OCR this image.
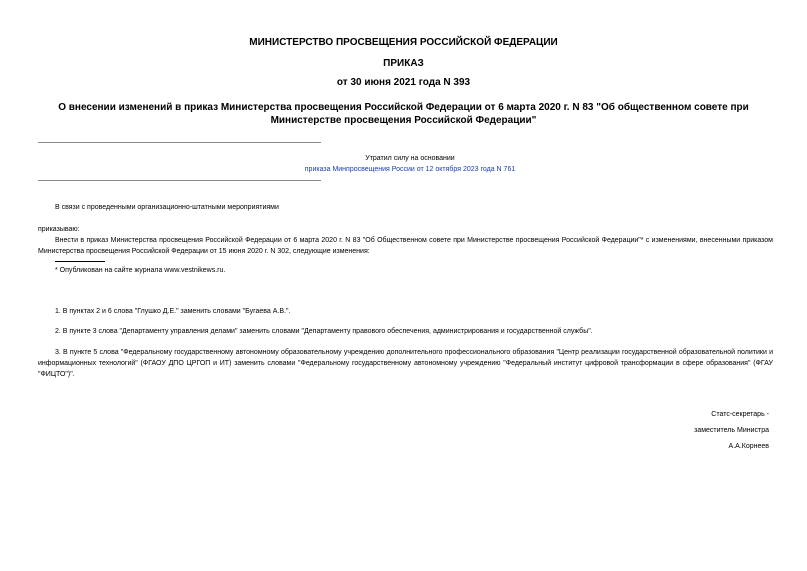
МИНИСТЕРСТВО ПРОСВЕЩЕНИЯ РОССИЙСКОЙ ФЕДЕРАЦИИ
ПРИКАЗ
от 30 июня 2021 года N 393
О внесении изменений в приказ Министерства просвещения Российской Федерации от 6 марта 2020 г. N 83 "Об общественном совете при Министерстве просвещения Российской Федерации"
Утратил силу на основании
приказа Минпросвещения России от 12 октября 2023 года N 761
В связи с проведенными организационно-штатными мероприятиями
приказываю:
Внести в приказ Министерства просвещения Российской Федерации от 6 марта 2020 г. N 83 "Об Общественном совете при Министерстве просвещения Российской Федерации"* с изменениями, внесенными приказом Министерства просвещения Российской Федерации от 15 июня 2020 г. N 302, следующие изменения:
* Опубликован на сайте журнала www.vestnikews.ru.
1. В пунктах 2 и 6 слова "Глушко Д.Е." заменить словами "Бугаева А.В.".
2. В пункте 3 слова "Департаменту управления делами" заменить словами "Департаменту правового обеспечения, администрирования и государственной службы".
3. В пункте 5 слова "Федеральному государственному автономному образовательному учреждению дополнительного профессионального образования "Центр реализации государственной образовательной политики и информационных технологий" (ФГАОУ ДПО ЦРГОП и ИТ) заменить словами "Федеральному государственному автономному учреждению "Федеральный институт цифровой трансформации в сфере образования" (ФГАУ "ФИЦТО")".
Статс-секретарь -
заместитель Министра
А.А.Корнеев
